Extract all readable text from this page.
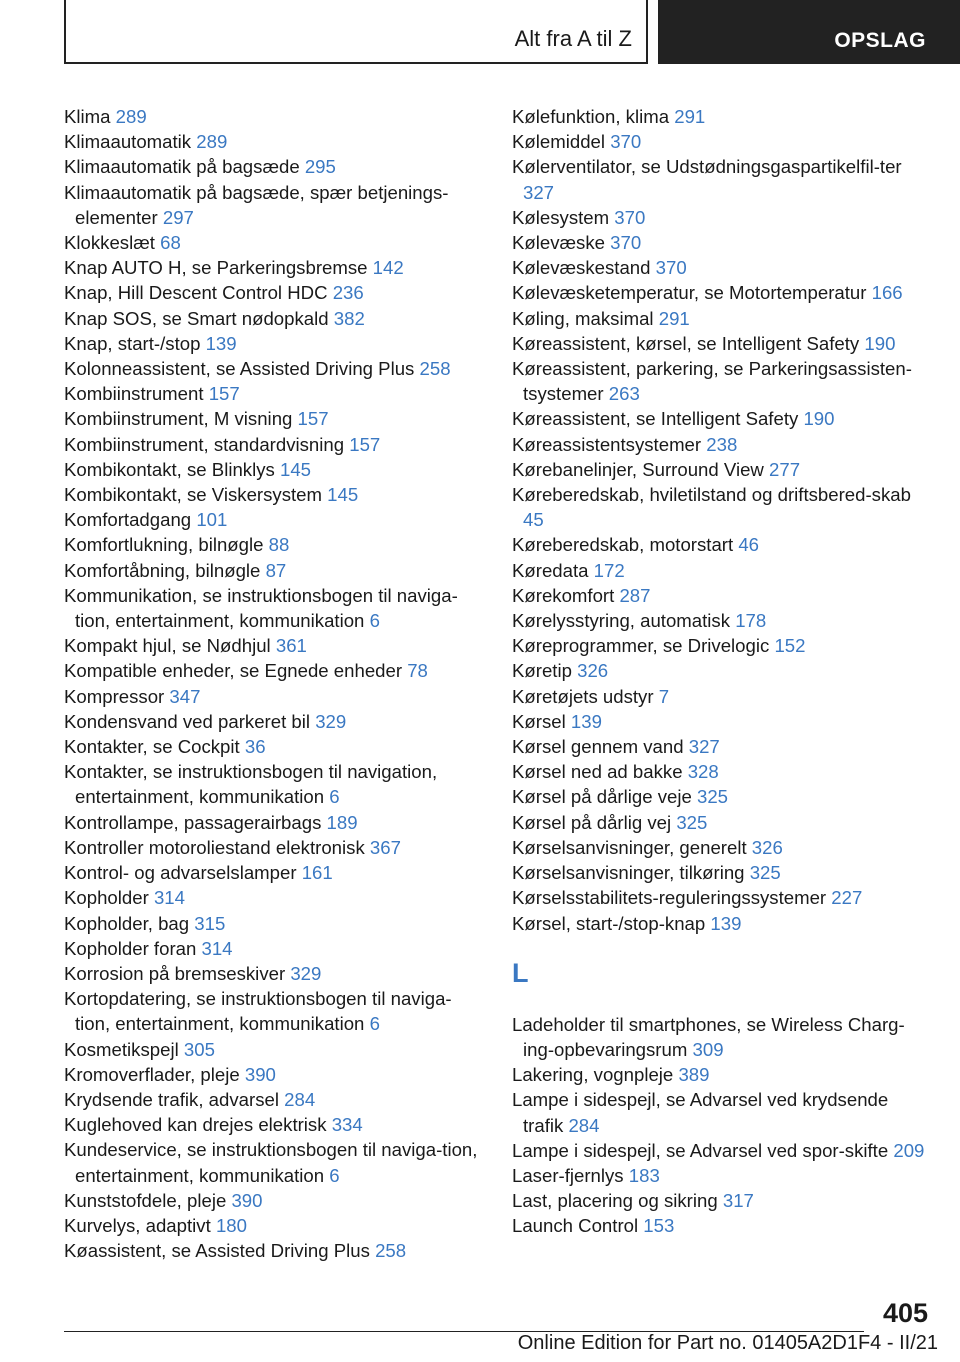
Alt fra A til Z	OPSLAG
Klima 289
Klimaautomatik 289
Klimaautomatik på bagsæde 295
Klimaautomatik på bagsæde, spær betjenings-elementer 297
Klokkeslæt 68
Knap AUTO H, se Parkeringsbremse 142
Knap, Hill Descent Control HDC 236
Knap SOS, se Smart nødopkald 382
Knap, start-/stop 139
Kolonneassistent, se Assisted Driving Plus 258
Kombiinstrument 157
Kombiinstrument, M visning 157
Kombiinstrument, standardvisning 157
Kombikontakt, se Blinklys 145
Kombikontakt, se Viskersystem 145
Komfortadgang 101
Komfortlukning, bilnøgle 88
Komfortåbning, bilnøgle 87
Kommunikation, se instruktionsbogen til naviga-tion, entertainment, kommunikation 6
Kompakt hjul, se Nødhjul 361
Kompatible enheder, se Egnede enheder 78
Kompressor 347
Kondensvand ved parkeret bil 329
Kontakter, se Cockpit 36
Kontakter, se instruktionsbogen til navigation, entertainment, kommunikation 6
Kontrollampe, passagerairbags 189
Kontroller motoroliestand elektronisk 367
Kontrol- og advarselslamper 161
Kopholder 314
Kopholder, bag 315
Kopholder foran 314
Korrosion på bremseskiver 329
Kortopdatering, se instruktionsbogen til naviga-tion, entertainment, kommunikation 6
Kosmetikspejl 305
Kromoverflader, pleje 390
Krydsende trafik, advarsel 284
Kuglehoved kan drejes elektrisk 334
Kundeservice, se instruktionsbogen til naviga-tion, entertainment, kommunikation 6
Kunststofdele, pleje 390
Kurvelys, adaptivt 180
Køassistent, se Assisted Driving Plus 258
Kølefunktion, klima 291
Kølemiddel 370
Kølerventilator, se Udstødningsgaspartikelfil-ter 327
Kølesystem 370
Kølevæske 370
Kølevæskestand 370
Kølevæsketemperatur, se Motortemperatur 166
Køling, maksimal 291
Køreassistent, kørsel, se Intelligent Safety 190
Køreassistent, parkering, se Parkeringsassisten-tsystemer 263
Køreassistent, se Intelligent Safety 190
Køreassistentsystemer 238
Kørebanelinjer, Surround View 277
Køreberedskab, hviletilstand og driftsbered-skab 45
Køreberedskab, motorstart 46
Køredata 172
Kørekomfort 287
Kørelysstyring, automatisk 178
Køreprogrammer, se Drivelogic 152
Køretip 326
Køretøjets udstyr 7
Kørsel 139
Kørsel gennem vand 327
Kørsel ned ad bakke 328
Kørsel på dårlige veje 325
Kørsel på dårlig vej 325
Kørselsanvisninger, generelt 326
Kørselsanvisninger, tilkøring 325
Kørselsstabilitets-reguleringssystemer 227
Kørsel, start-/stop-knap 139
L
Ladeholder til smartphones, se Wireless Charg-ing-opbevaringsrum 309
Lakering, vognpleje 389
Lampe i sidespejl, se Advarsel ved krydsende trafik 284
Lampe i sidespejl, se Advarsel ved spor-skifte 209
Laser-fjernlys 183
Last, placering og sikring 317
Launch Control 153
405
Online Edition for Part no. 01405A2D1F4 - II/21
